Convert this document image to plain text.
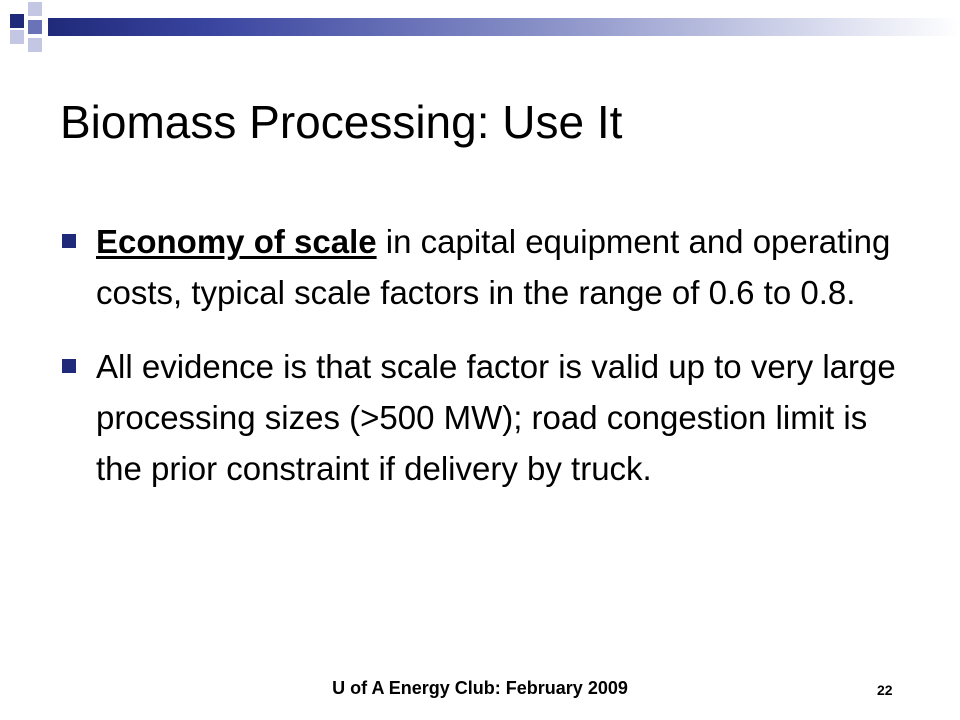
Biomass Processing: Use It
Economy of scale in capital equipment and operating costs, typical scale factors in the range of 0.6 to 0.8.
All evidence is that scale factor is valid up to very large processing sizes (>500 MW); road congestion limit is the prior constraint if delivery by truck.
U of A Energy Club: February 2009	22
